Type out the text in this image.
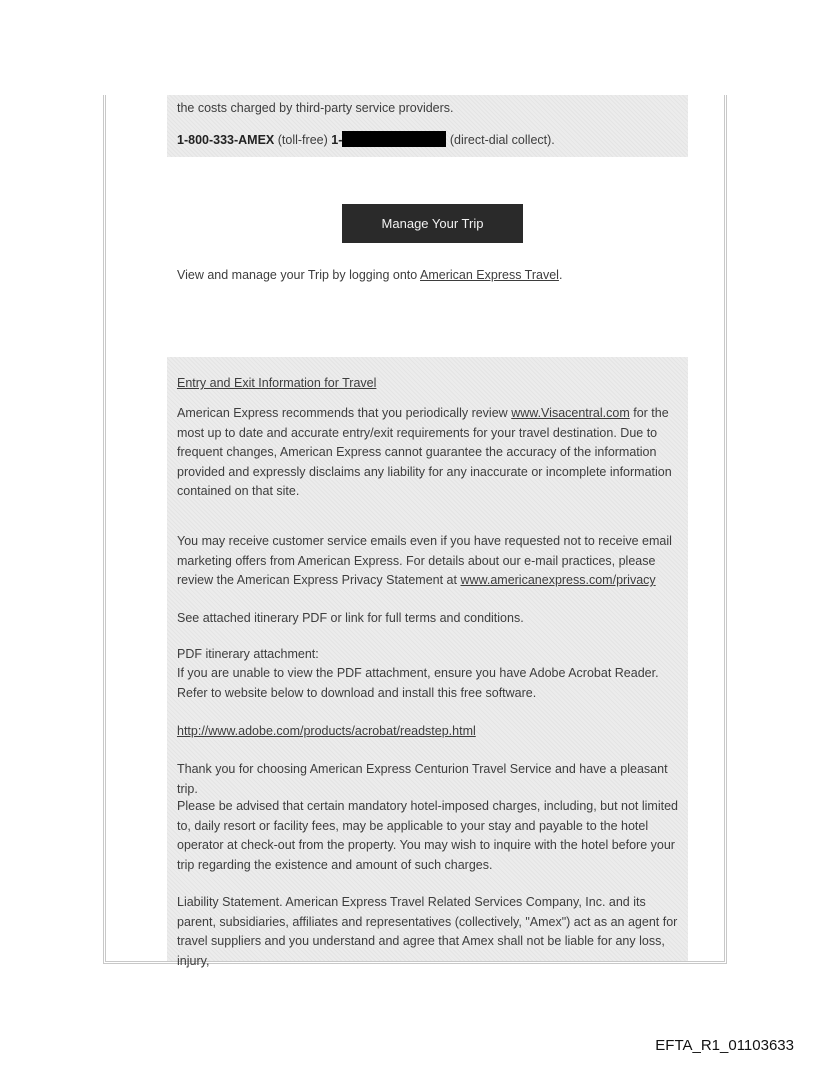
the costs charged by third-party service providers.
1-800-333-AMEX (toll-free) 1-	(direct-dial collect).
Manage Your Trip
View and manage your Trip by logging onto American Express Travel.
Entry and Exit Information for Travel

American Express recommends that you periodically review www.Visacentral.com for the most up to date and accurate entry/exit requirements for your travel destination. Due to frequent changes, American Express cannot guarantee the accuracy of the information provided and expressly disclaims any liability for any inaccurate or incomplete information contained on that site.

You may receive customer service emails even if you have requested not to receive email marketing offers from American Express. For details about our e-mail practices, please review the American Express Privacy Statement at www.americanexpress.com/privacy

See attached itinerary PDF or link for full terms and conditions.

PDF itinerary attachment:

If you are unable to view the PDF attachment, ensure you have Adobe Acrobat Reader. Refer to website below to download and install this free software.

http://www.adobe.com/products/acrobat/readstep.html

Thank you for choosing American Express Centurion Travel Service and have a pleasant trip.

Please be advised that certain mandatory hotel-imposed charges, including, but not limited to, daily resort or facility fees, may be applicable to your stay and payable to the hotel operator at check-out from the property. You may wish to inquire with the hotel before your trip regarding the existence and amount of such charges.

Liability Statement. American Express Travel Related Services Company, Inc. and its parent, subsidiaries, affiliates and representatives (collectively, "Amex") act as an agent for travel suppliers and you understand and agree that Amex shall not be liable for any loss, injury,

EFTA_R1_01103633
